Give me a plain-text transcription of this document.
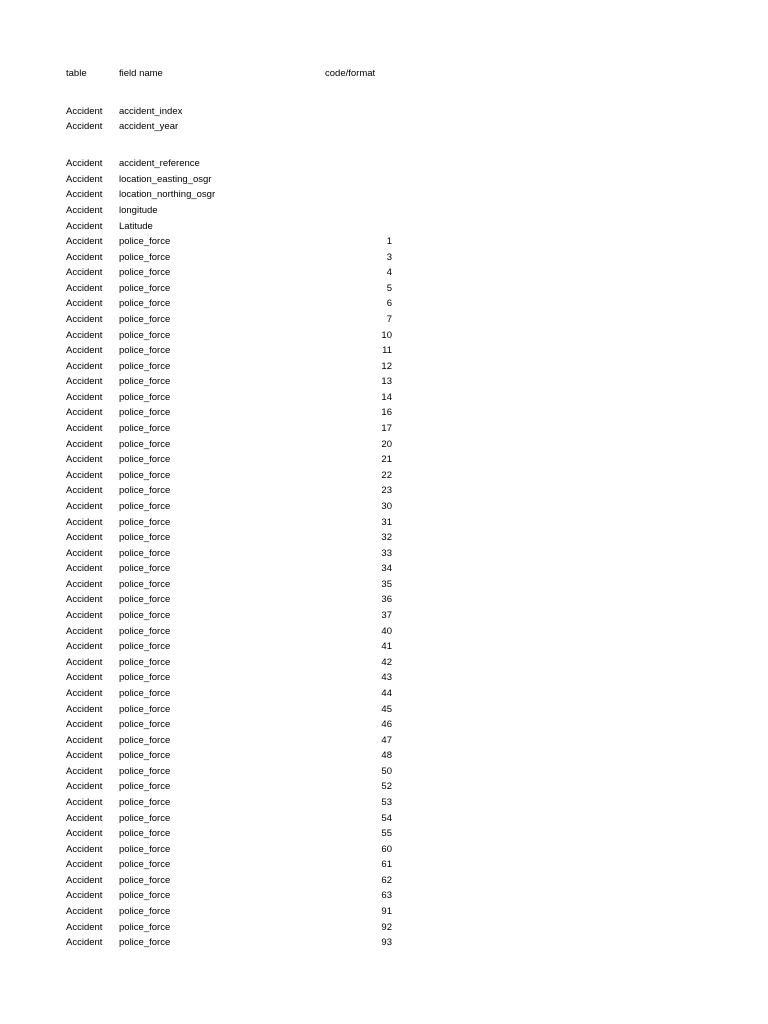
table	field name	code/format
Accident accident_index
Accident accident_year
Accident accident_reference
Accident location_easting_osgr
Accident location_northing_osgr
Accident longitude
Accident Latitude
Accident police_force	1
Accident police_force	3
Accident police_force	4
Accident police_force	5
Accident police_force	6
Accident police_force	7
Accident police_force	10
Accident police_force	11
Accident police_force	12
Accident police_force	13
Accident police_force	14
Accident police_force	16
Accident police_force	17
Accident police_force	20
Accident police_force	21
Accident police_force	22
Accident police_force	23
Accident police_force	30
Accident police_force	31
Accident police_force	32
Accident police_force	33
Accident police_force	34
Accident police_force	35
Accident police_force	36
Accident police_force	37
Accident police_force	40
Accident police_force	41
Accident police_force	42
Accident police_force	43
Accident police_force	44
Accident police_force	45
Accident police_force	46
Accident police_force	47
Accident police_force	48
Accident police_force	50
Accident police_force	52
Accident police_force	53
Accident police_force	54
Accident police_force	55
Accident police_force	60
Accident police_force	61
Accident police_force	62
Accident police_force	63
Accident police_force	91
Accident police_force	92
Accident police_force	93
